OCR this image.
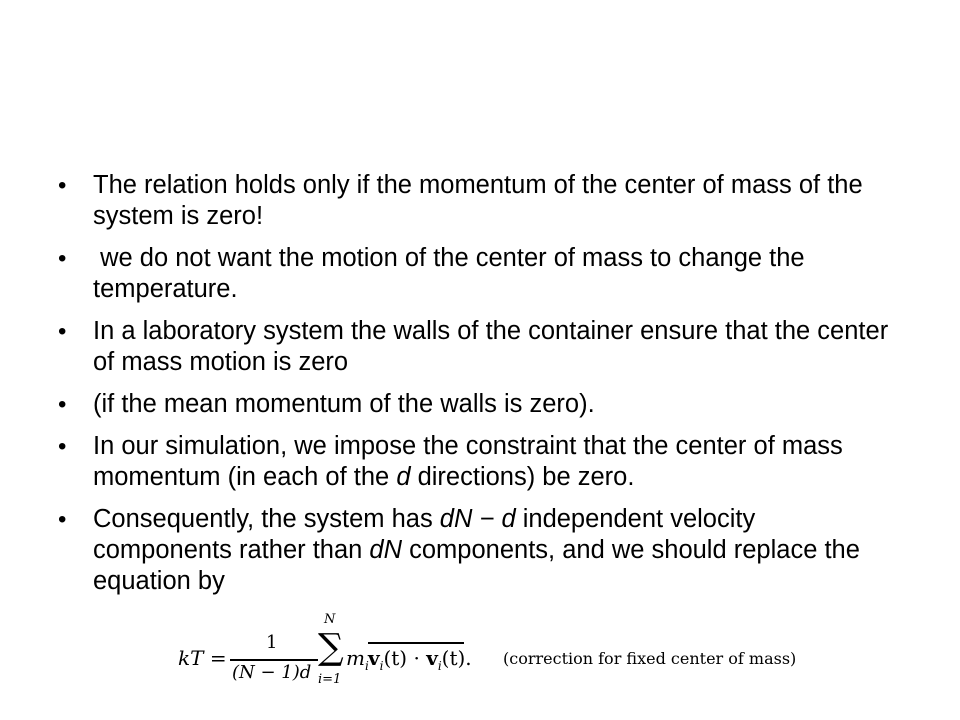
• The relation holds only if the momentum of the center of mass of the system is zero!
• we do not want the motion of the center of mass to change the temperature.
• In a laboratory system the walls of the container ensure that the center of mass motion is zero
• (if the mean momentum of the walls is zero).
• In our simulation, we impose the constraint that the center of mass momentum (in each of the d directions) be zero.
• Consequently, the system has dN − d independent velocity components rather than dN components, and we should replace the equation by
kT =
1
(N − 1)d
N
∑
i=1
$m_i$ $v_i(t) \cdot v_i(t)$. (correction for fixed center of mass)
